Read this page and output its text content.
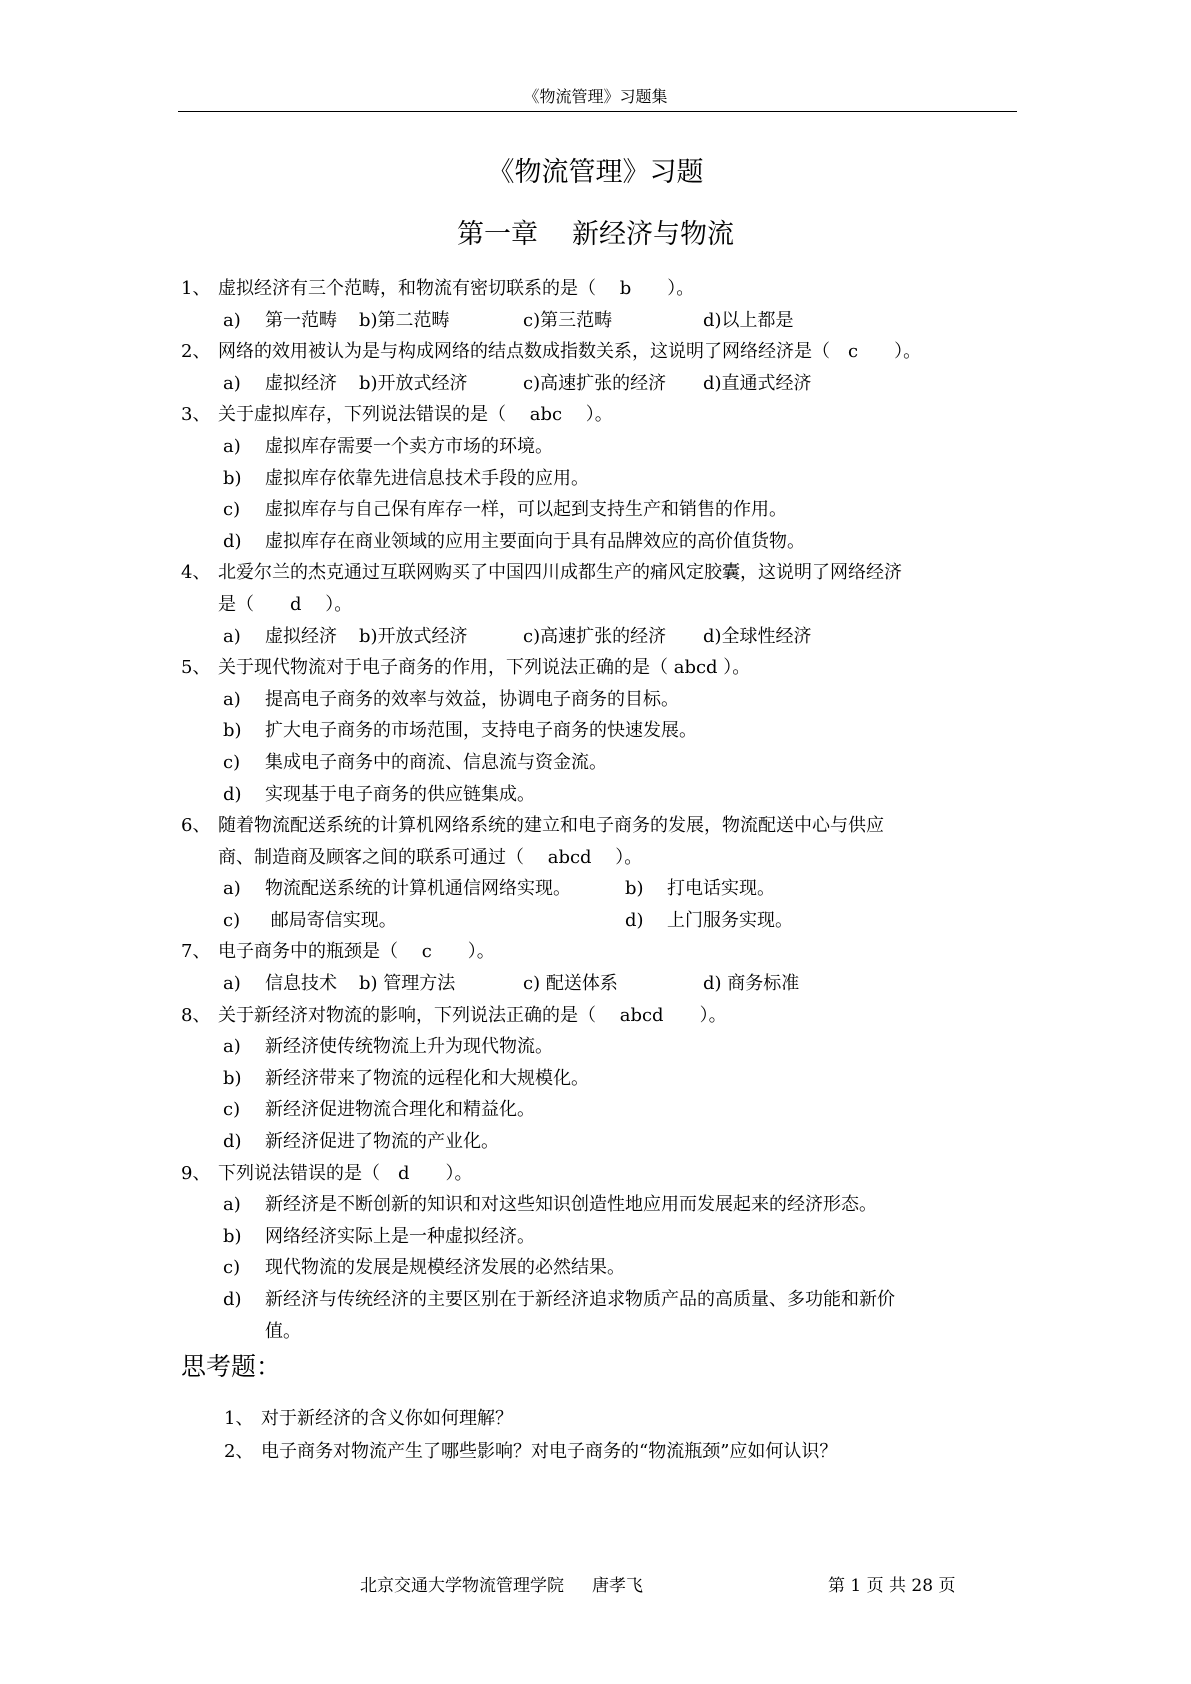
《物流管理》习题集
《物流管理》习题
第一章 新经济与物流
1、 虚拟经济有三个范畴，和物流有密切联系的是（　 b　　）。
a) 第一范畴 b)第二范畴	c)第三范畴	d)以上都是
2、 网络的效用被认为是与构成网络的结点数成指数关系，这说明了网络经济是（　c　　）。
a) 虚拟经济 b)开放式经济	c)高速扩张的经济 d)直通式经济
3、 关于虚拟库存，下列说法错误的是（　 abc　 ）。
a) 虚拟库存需要一个卖方市场的环境。
b) 虚拟库存依靠先进信息技术手段的应用。
c) 虚拟库存与自己保有库存一样，可以起到支持生产和销售的作用。
d) 虚拟库存在商业领域的应用主要面向于具有品牌效应的高价值货物。
4、 北爱尔兰的杰克通过互联网购买了中国四川成都生产的痛风定胶囊，这说明了网络经济
是（　　d　 ）。
a) 虚拟经济 b)开放式经济	c)高速扩张的经济 d)全球性经济
5、 关于现代物流对于电子商务的作用，下列说法正确的是（ abcd ）。
a) 提高电子商务的效率与效益，协调电子商务的目标。
b) 扩大电子商务的市场范围，支持电子商务的快速发展。
c) 集成电子商务中的商流、信息流与资金流。
d) 实现基于电子商务的供应链集成。
6、 随着物流配送系统的计算机网络系统的建立和电子商务的发展，物流配送中心与供应
商、制造商及顾客之间的联系可通过（　 abcd　 ）。
a) 物流配送系统的计算机通信网络实现。	b) 打电话实现。
c) 邮局寄信实现。	d) 上门服务实现。
7、 电子商务中的瓶颈是（　 c　　）。
a) 信息技术 b) 管理方法	c) 配送体系	d) 商务标准
8、 关于新经济对物流的影响，下列说法正确的是（　 abcd　　）。
a) 新经济使传统物流上升为现代物流。
b) 新经济带来了物流的远程化和大规模化。
c) 新经济促进物流合理化和精益化。
d) 新经济促进了物流的产业化。
9、 下列说法错误的是（　d　　）。
a) 新经济是不断创新的知识和对这些知识创造性地应用而发展起来的经济形态。
b) 网络经济实际上是一种虚拟经济。
c) 现代物流的发展是规模经济发展的必然结果。
d) 新经济与传统经济的主要区别在于新经济追求物质产品的高质量、多功能和新价
值。
思考题：
1、 对于新经济的含义你如何理解？
2、 电子商务对物流产生了哪些影响？对电子商务的“物流瓶颈”应如何认识？
北京交通大学物流管理学院 唐孝飞	第 1 页 共 28 页
